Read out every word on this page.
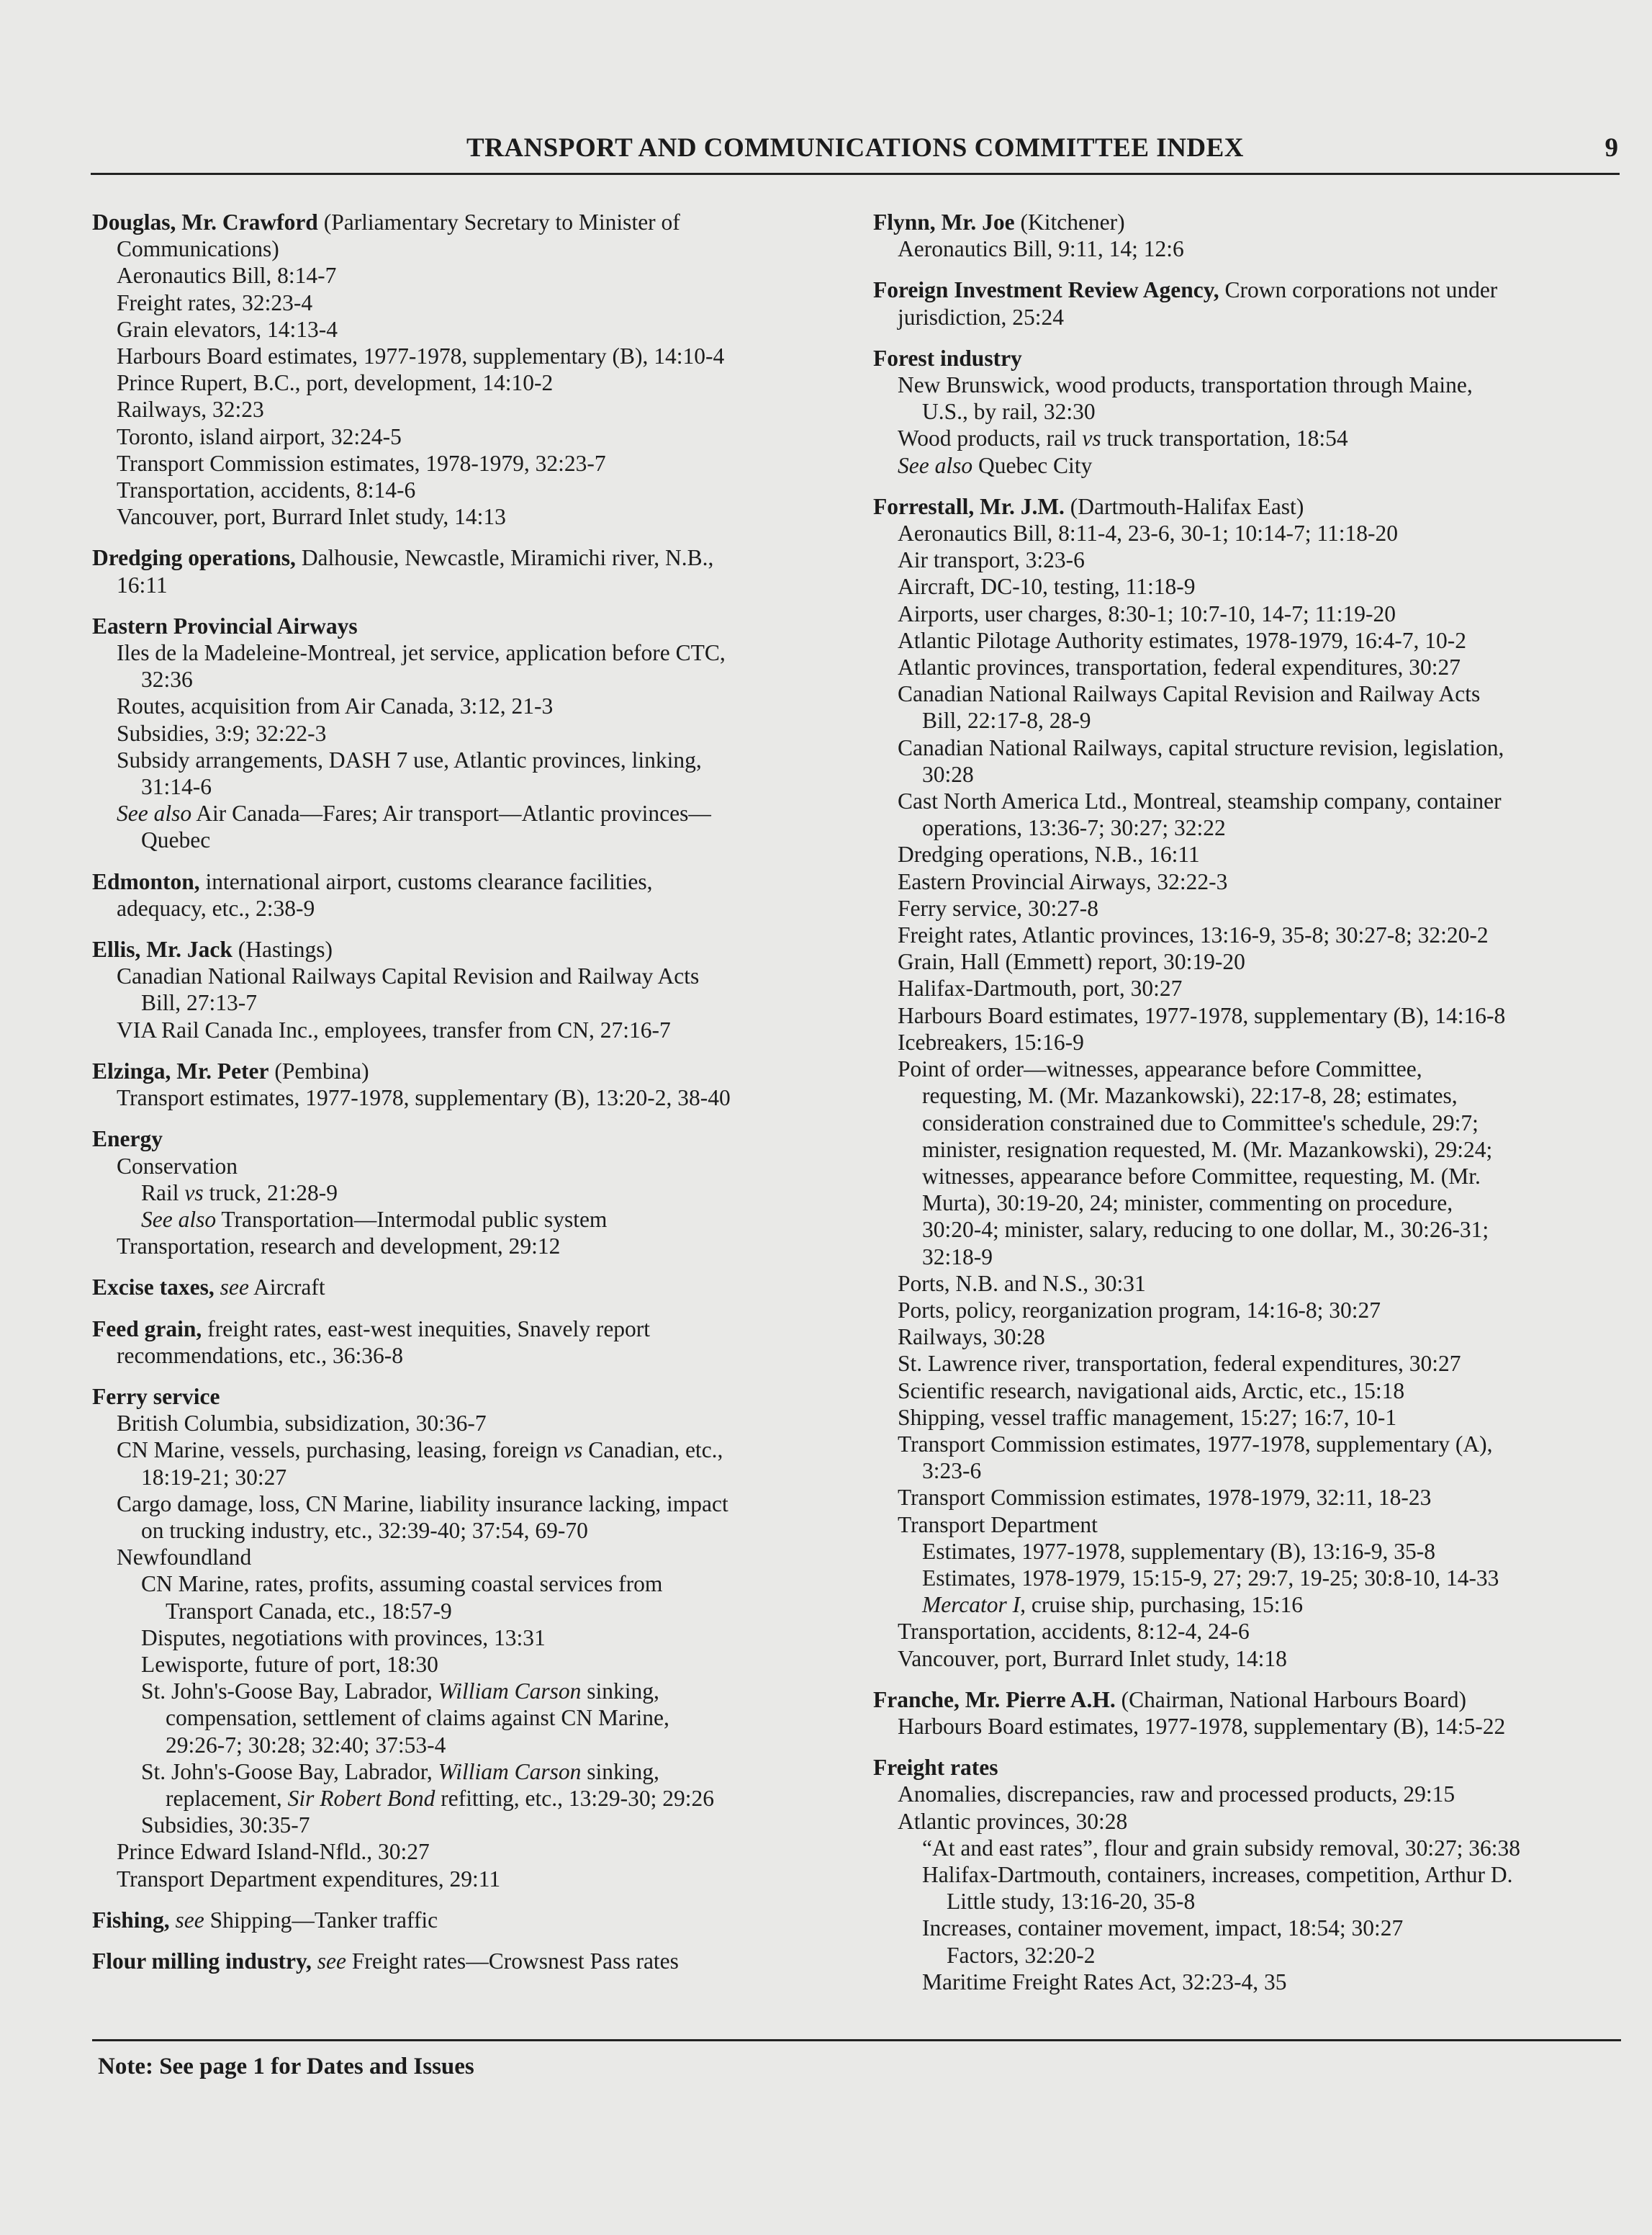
TRANSPORT AND COMMUNICATIONS COMMITTEE INDEX	9
Douglas, Mr. Crawford (Parliamentary Secretary to Minister of
Communications)
Aeronautics Bill, 8:14-7
Freight rates, 32:23-4
Grain elevators, 14:13-4
Harbours Board estimates, 1977-1978, supplementary (B), 14:10-4
Prince Rupert, B.C., port, development, 14:10-2
Railways, 32:23
Toronto, island airport, 32:24-5
Transport Commission estimates, 1978-1979, 32:23-7
Transportation, accidents, 8:14-6
Vancouver, port, Burrard Inlet study, 14:13
Dredging operations, Dalhousie, Newcastle, Miramichi river, N.B.,
16:11
Eastern Provincial Airways
Iles de la Madeleine-Montreal, jet service, application before CTC,
32:36
Routes, acquisition from Air Canada, 3:12, 21-3
Subsidies, 3:9; 32:22-3
Subsidy arrangements, DASH 7 use, Atlantic provinces, linking,
31:14-6
See also Air Canada—Fares; Air transport—Atlantic provinces—
Quebec
Edmonton, international airport, customs clearance facilities,
adequacy, etc., 2:38-9
Ellis, Mr. Jack (Hastings)
Canadian National Railways Capital Revision and Railway Acts
Bill, 27:13-7
VIA Rail Canada Inc., employees, transfer from CN, 27:16-7
Elzinga, Mr. Peter (Pembina)
Transport estimates, 1977-1978, supplementary (B), 13:20-2, 38-40
Energy
Conservation
Rail vs truck, 21:28-9
See also Transportation—Intermodal public system
Transportation, research and development, 29:12
Excise taxes, see Aircraft
Feed grain, freight rates, east-west inequities, Snavely report
recommendations, etc., 36:36-8
Ferry service
British Columbia, subsidization, 30:36-7
CN Marine, vessels, purchasing, leasing, foreign vs Canadian, etc.,
18:19-21; 30:27
Cargo damage, loss, CN Marine, liability insurance lacking, impact
on trucking industry, etc., 32:39-40; 37:54, 69-70
Newfoundland
CN Marine, rates, profits, assuming coastal services from
Transport Canada, etc., 18:57-9
Disputes, negotiations with provinces, 13:31
Lewisporte, future of port, 18:30
St. John's-Goose Bay, Labrador, William Carson sinking,
compensation, settlement of claims against CN Marine,
29:26-7; 30:28; 32:40; 37:53-4
St. John's-Goose Bay, Labrador, William Carson sinking,
replacement, Sir Robert Bond refitting, etc., 13:29-30; 29:26
Subsidies, 30:35-7
Prince Edward Island-Nfld., 30:27
Transport Department expenditures, 29:11
Fishing, see Shipping—Tanker traffic
Flour milling industry, see Freight rates—Crowsnest Pass rates
Flynn, Mr. Joe (Kitchener)
Aeronautics Bill, 9:11, 14; 12:6
Foreign Investment Review Agency, Crown corporations not under
jurisdiction, 25:24
Forest industry
New Brunswick, wood products, transportation through Maine,
U.S., by rail, 32:30
Wood products, rail vs truck transportation, 18:54
See also Quebec City
Forrestall, Mr. J.M. (Dartmouth-Halifax East)
Aeronautics Bill, 8:11-4, 23-6, 30-1; 10:14-7; 11:18-20
Air transport, 3:23-6
Aircraft, DC-10, testing, 11:18-9
Airports, user charges, 8:30-1; 10:7-10, 14-7; 11:19-20
Atlantic Pilotage Authority estimates, 1978-1979, 16:4-7, 10-2
Atlantic provinces, transportation, federal expenditures, 30:27
Canadian National Railways Capital Revision and Railway Acts
Bill, 22:17-8, 28-9
Canadian National Railways, capital structure revision, legislation,
30:28
Cast North America Ltd., Montreal, steamship company, container
operations, 13:36-7; 30:27; 32:22
Dredging operations, N.B., 16:11
Eastern Provincial Airways, 32:22-3
Ferry service, 30:27-8
Freight rates, Atlantic provinces, 13:16-9, 35-8; 30:27-8; 32:20-2
Grain, Hall (Emmett) report, 30:19-20
Halifax-Dartmouth, port, 30:27
Harbours Board estimates, 1977-1978, supplementary (B), 14:16-8
Icebreakers, 15:16-9
Point of order—witnesses, appearance before Committee,
requesting, M. (Mr. Mazankowski), 22:17-8, 28; estimates,
consideration constrained due to Committee's schedule, 29:7;
minister, resignation requested, M. (Mr. Mazankowski), 29:24;
witnesses, appearance before Committee, requesting, M. (Mr.
Murta), 30:19-20, 24; minister, commenting on procedure,
30:20-4; minister, salary, reducing to one dollar, M., 30:26-31;
32:18-9
Ports, N.B. and N.S., 30:31
Ports, policy, reorganization program, 14:16-8; 30:27
Railways, 30:28
St. Lawrence river, transportation, federal expenditures, 30:27
Scientific research, navigational aids, Arctic, etc., 15:18
Shipping, vessel traffic management, 15:27; 16:7, 10-1
Transport Commission estimates, 1977-1978, supplementary (A),
3:23-6
Transport Commission estimates, 1978-1979, 32:11, 18-23
Transport Department
Estimates, 1977-1978, supplementary (B), 13:16-9, 35-8
Estimates, 1978-1979, 15:15-9, 27; 29:7, 19-25; 30:8-10, 14-33
Mercator I, cruise ship, purchasing, 15:16
Transportation, accidents, 8:12-4, 24-6
Vancouver, port, Burrard Inlet study, 14:18
Franche, Mr. Pierre A.H. (Chairman, National Harbours Board)
Harbours Board estimates, 1977-1978, supplementary (B), 14:5-22
Freight rates
Anomalies, discrepancies, raw and processed products, 29:15
Atlantic provinces, 30:28
“At and east rates”, flour and grain subsidy removal, 30:27; 36:38
Halifax-Dartmouth, containers, increases, competition, Arthur D.
Little study, 13:16-20, 35-8
Increases, container movement, impact, 18:54; 30:27
Factors, 32:20-2
Maritime Freight Rates Act, 32:23-4, 35
Note: See page 1 for Dates and Issues
